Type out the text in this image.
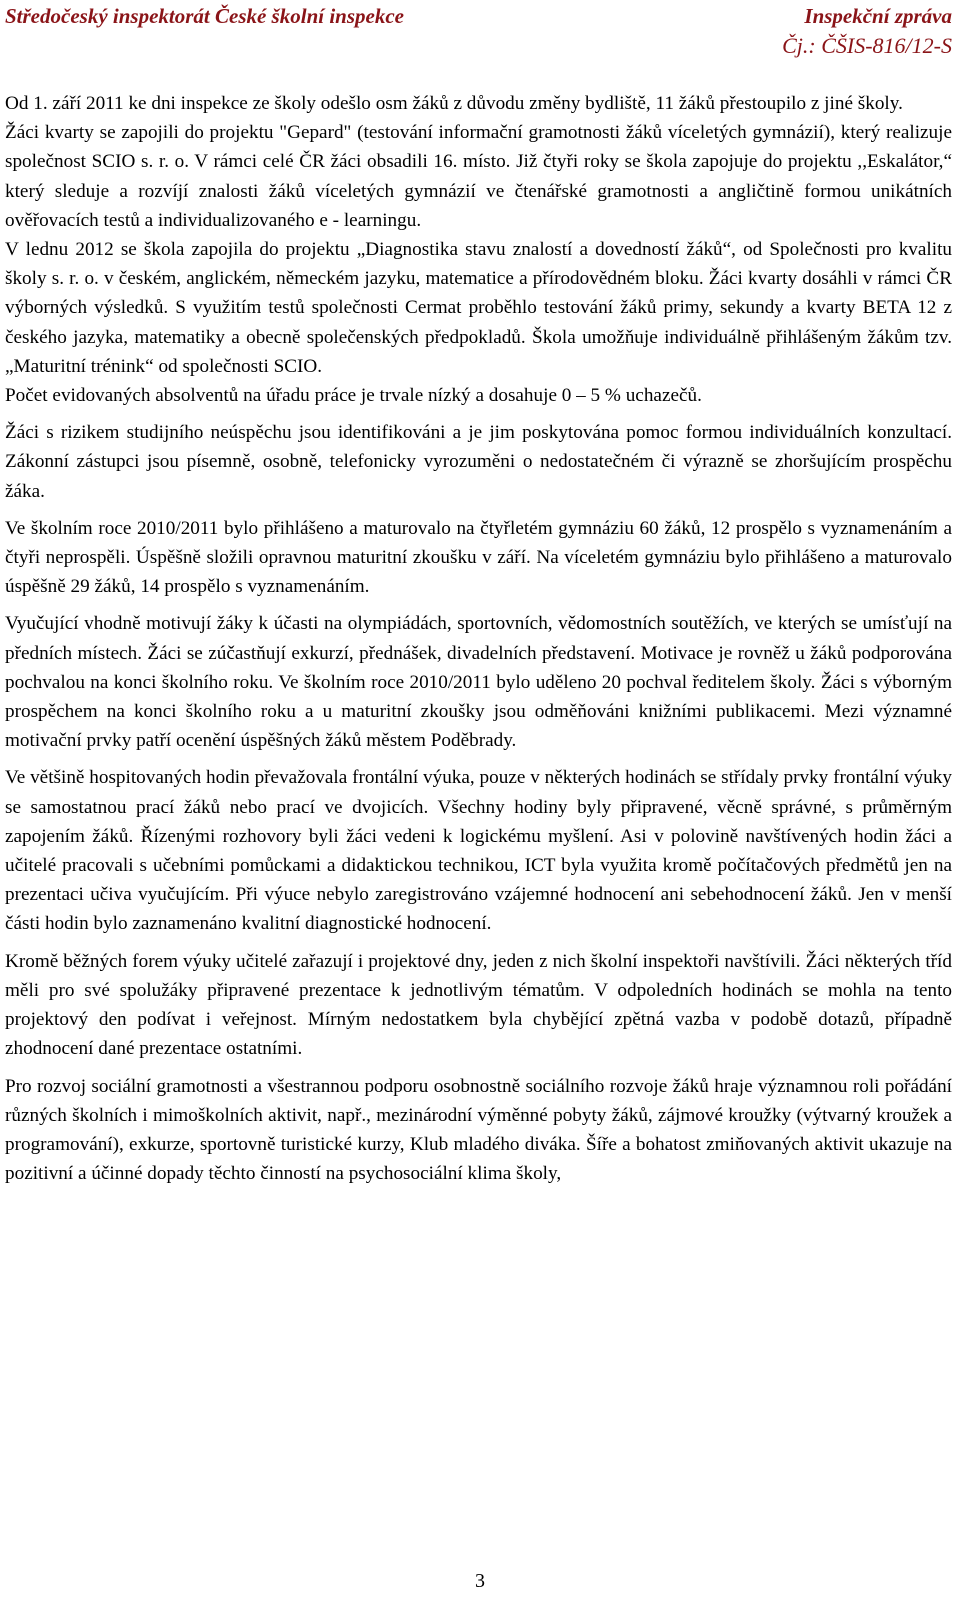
Středočeský inspektorát České školní inspekce	Inspekční zpráva
Čj.: ČŠIS-816/12-S

Od 1. září 2011 ke dni inspekce ze školy odešlo osm žáků z důvodu změny bydliště, 11 žáků přestoupilo z jiné školy.

Žáci kvarty se zapojili do projektu "Gepard" (testování informační gramotnosti žáků víceletých gymnázií), který realizuje společnost SCIO s. r. o. V rámci celé ČR žáci obsadili 16. místo. Již čtyři roky se škola zapojuje do projektu ,,Eskalátor,“ který sleduje a rozvíjí znalosti žáků víceletých gymnázií ve čtenářské gramotnosti a angličtině formou unikátních ověřovacích testů a individualizovaného e - learningu.

V lednu 2012 se škola zapojila do projektu „Diagnostika stavu znalostí a dovedností žáků“, od Společnosti pro kvalitu školy s. r. o. v českém, anglickém, německém jazyku, matematice a přírodovědném bloku. Žáci kvarty dosáhli v rámci ČR výborných výsledků. S využitím testů společnosti Cermat proběhlo testování žáků primy, sekundy a kvarty BETA 12 z českého jazyka, matematiky a obecně společenských předpokladů. Škola umožňuje individuálně přihlášeným žákům tzv. „Maturitní trénink“ od společnosti SCIO.

Počet evidovaných absolventů na úřadu práce je trvale nízký a dosahuje 0 – 5 % uchazečů.

Žáci s rizikem studijního neúspěchu jsou identifikováni a je jim poskytována pomoc formou individuálních konzultací. Zákonní zástupci jsou písemně, osobně, telefonicky vyrozuměni o nedostatečném či výrazně se zhoršujícím prospěchu žáka.

Ve školním roce 2010/2011 bylo přihlášeno a maturovalo na čtyřletém gymnáziu 60 žáků, 12 prospělo s vyznamenáním a čtyři neprospěli. Úspěšně složili opravnou maturitní zkoušku v září. Na víceletém gymnáziu bylo přihlášeno a maturovalo úspěšně 29 žáků, 14 prospělo s vyznamenáním.

Vyučující vhodně motivují žáky k účasti na olympiádách, sportovních, vědomostních soutěžích, ve kterých se umísťují na předních místech. Žáci se zúčastňují exkurzí, přednášek, divadelních představení. Motivace je rovněž u žáků podporována pochvalou na konci školního roku. Ve školním roce 2010/2011 bylo uděleno 20 pochval ředitelem školy. Žáci s výborným prospěchem na konci školního roku a u maturitní zkoušky jsou odměňováni knižními publikacemi. Mezi významné motivační prvky patří ocenění úspěšných žáků městem Poděbrady.

Ve většině hospitovaných hodin převažovala frontální výuka, pouze v některých hodinách se střídaly prvky frontální výuky se samostatnou prací žáků nebo prací ve dvojicích. Všechny hodiny byly připravené, věcně správné, s průměrným zapojením žáků. Řízenými rozhovory byli žáci vedeni k logickému myšlení. Asi v polovině navštívených hodin žáci a učitelé pracovali s učebními pomůckami a didaktickou technikou, ICT byla využita kromě počítačových předmětů jen na prezentaci učiva vyučujícím. Při výuce nebylo zaregistrováno vzájemné hodnocení ani sebehodnocení žáků. Jen v menší části hodin bylo zaznamenáno kvalitní diagnostické hodnocení.

Kromě běžných forem výuky učitelé zařazují i projektové dny, jeden z nich školní inspektoři navštívili. Žáci některých tříd měli pro své spolužáky připravené prezentace k jednotlivým tématům. V odpoledních hodinách se mohla na tento projektový den podívat i veřejnost. Mírným nedostatkem byla chybějící zpětná vazba v podobě dotazů, případně zhodnocení dané prezentace ostatními.

Pro rozvoj sociální gramotnosti a všestrannou podporu osobnostně sociálního rozvoje žáků hraje významnou roli pořádání různých školních i mimoškolních aktivit, např., mezinárodní výměnné pobyty žáků, zájmové kroužky (výtvarný kroužek a programování), exkurze, sportovně turistické kurzy, Klub mladého diváka. Šíře a bohatost zmiňovaných aktivit ukazuje na pozitivní a účinné dopady těchto činností na psychosociální klima školy,

3
